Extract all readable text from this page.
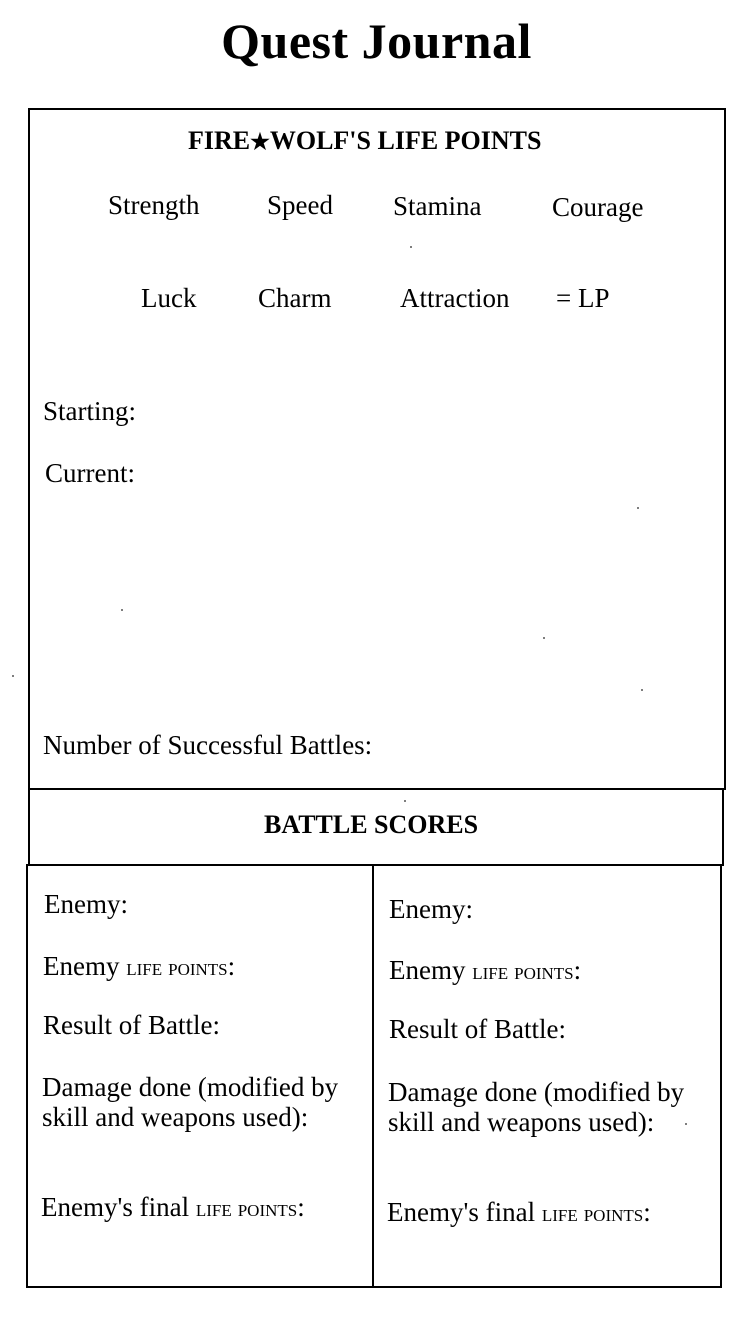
Quest Journal
FIRE★WOLF'S LIFE POINTS
Strength	Speed Stamina	Courage
Luck Charm	Attraction = LP
Starting:
Current:
Number of Successful Battles:
BATTLE SCORES
Enemy:
Enemy life points:
Result of Battle:
Damage done (modified by skill and weapons used):
Enemy's final life points:
Enemy:
Enemy life points:
Result of Battle:
Damage done (modified by skill and weapons used):
Enemy's final life points:
